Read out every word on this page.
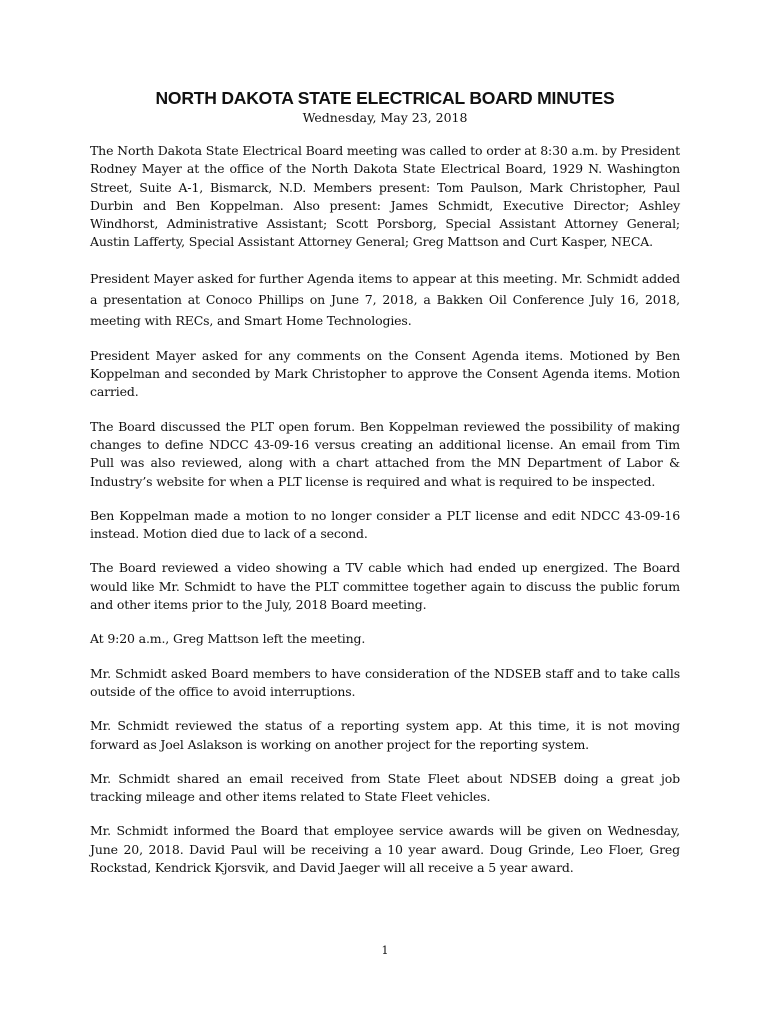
NORTH DAKOTA STATE ELECTRICAL BOARD MINUTES

Wednesday, May 23, 2018

The North Dakota State Electrical Board meeting was called to order at 8:30 a.m. by President Rodney Mayer at the office of the North Dakota State Electrical Board, 1929 N. Washington Street, Suite A-1, Bismarck, N.D. Members present: Tom Paulson, Mark Christopher, Paul Durbin and Ben Koppelman. Also present: James Schmidt, Executive Director; Ashley Windhorst, Administrative Assistant; Scott Porsborg, Special Assistant Attorney General; Austin Lafferty, Special Assistant Attorney General; Greg Mattson and Curt Kasper, NECA.

President Mayer asked for further Agenda items to appear at this meeting. Mr. Schmidt added a presentation at Conoco Phillips on June 7, 2018, a Bakken Oil Conference July 16, 2018, meeting with RECs, and Smart Home Technologies.

President Mayer asked for any comments on the Consent Agenda items. Motioned by Ben Koppelman and seconded by Mark Christopher to approve the Consent Agenda items. Motion carried.

The Board discussed the PLT open forum. Ben Koppelman reviewed the possibility of making changes to define NDCC 43-09-16 versus creating an additional license. An email from Tim Pull was also reviewed, along with a chart attached from the MN Department of Labor & Industry’s website for when a PLT license is required and what is required to be inspected.

Ben Koppelman made a motion to no longer consider a PLT license and edit NDCC 43-09-16 instead. Motion died due to lack of a second.

The Board reviewed a video showing a TV cable which had ended up energized. The Board would like Mr. Schmidt to have the PLT committee together again to discuss the public forum and other items prior to the July, 2018 Board meeting.

At 9:20 a.m., Greg Mattson left the meeting.

Mr. Schmidt asked Board members to have consideration of the NDSEB staff and to take calls outside of the office to avoid interruptions.

Mr. Schmidt reviewed the status of a reporting system app. At this time, it is not moving forward as Joel Aslakson is working on another project for the reporting system.

Mr. Schmidt shared an email received from State Fleet about NDSEB doing a great job tracking mileage and other items related to State Fleet vehicles.

Mr. Schmidt informed the Board that employee service awards will be given on Wednesday, June 20, 2018. David Paul will be receiving a 10 year award. Doug Grinde, Leo Floer, Greg Rockstad, Kendrick Kjorsvik, and David Jaeger will all receive a 5 year award.

1
